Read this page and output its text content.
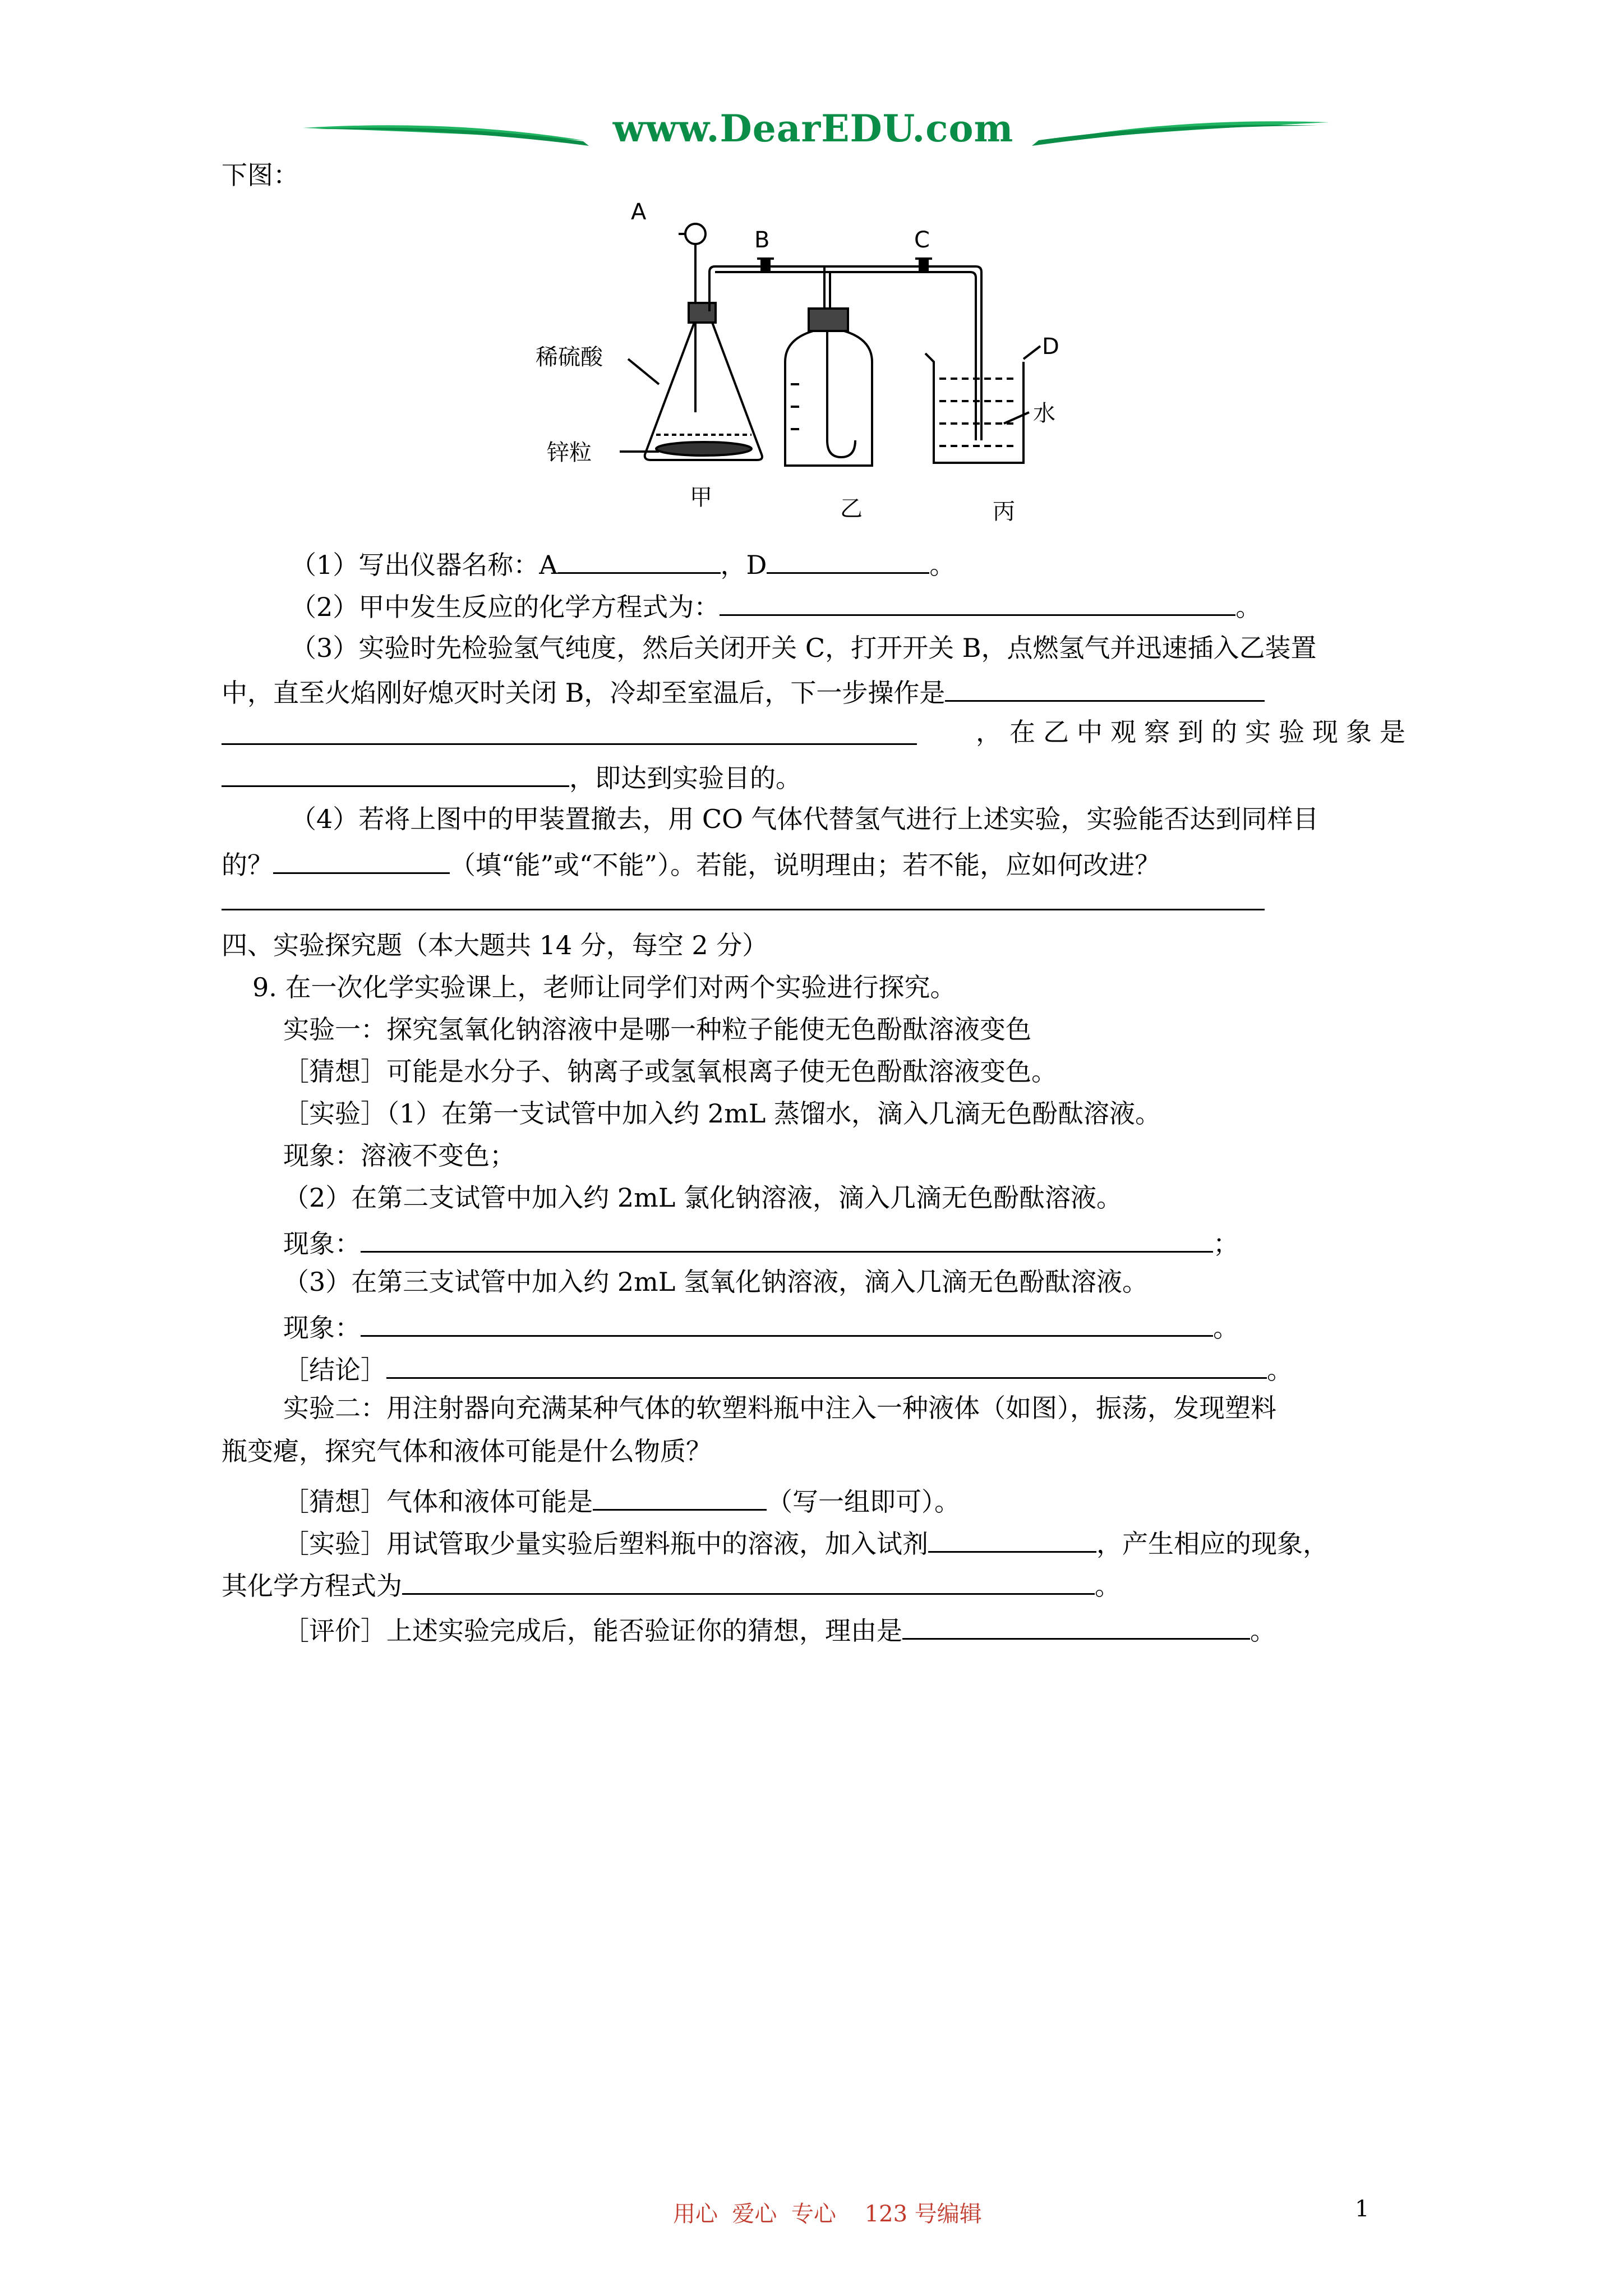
www.DearEDU.com
下图：
A
B	C
D
稀硫酸
锌粒
水
甲	乙	丙
（1）写出仪器名称：A	，D	。
（2）甲中发生反应的化学方程式为：	。
（3）实验时先检验氢气纯度，然后关闭开关 C，打开开关 B，点燃氢气并迅速插入乙装置
中，直至火焰刚好熄灭时关闭 B，冷却至室温后，下一步操作是
，在乙中观察到的实验现象是
，即达到实验目的。
（4）若将上图中的甲装置撤去，用 CO 气体代替氢气进行上述实验，实验能否达到同样目
的？	（填“能”或“不能”）。若能，说明理由；若不能，应如何改进？
四、实验探究题（本大题共 14 分，每空 2 分）
9. 在一次化学实验课上，老师让同学们对两个实验进行探究。
实验一：探究氢氧化钠溶液中是哪一种粒子能使无色酚酞溶液变色
［猜想］可能是水分子、钠离子或氢氧根离子使无色酚酞溶液变色。
［实验］（1）在第一支试管中加入约 2mL 蒸馏水，滴入几滴无色酚酞溶液。
现象：溶液不变色；
（2）在第二支试管中加入约 2mL 氯化钠溶液，滴入几滴无色酚酞溶液。
现象：	；
（3）在第三支试管中加入约 2mL 氢氧化钠溶液，滴入几滴无色酚酞溶液。
现象：	。
［结论］	。
实验二：用注射器向充满某种气体的软塑料瓶中注入一种液体（如图），振荡，发现塑料
瓶变瘪，探究气体和液体可能是什么物质？
［猜想］气体和液体可能是	（写一组即可）。
［实验］用试管取少量实验后塑料瓶中的溶液，加入试剂	，产生相应的现象，
其化学方程式为	。
［评价］上述实验完成后，能否验证你的猜想，理由是	。
用心  爱心  专心    123 号编辑	1
